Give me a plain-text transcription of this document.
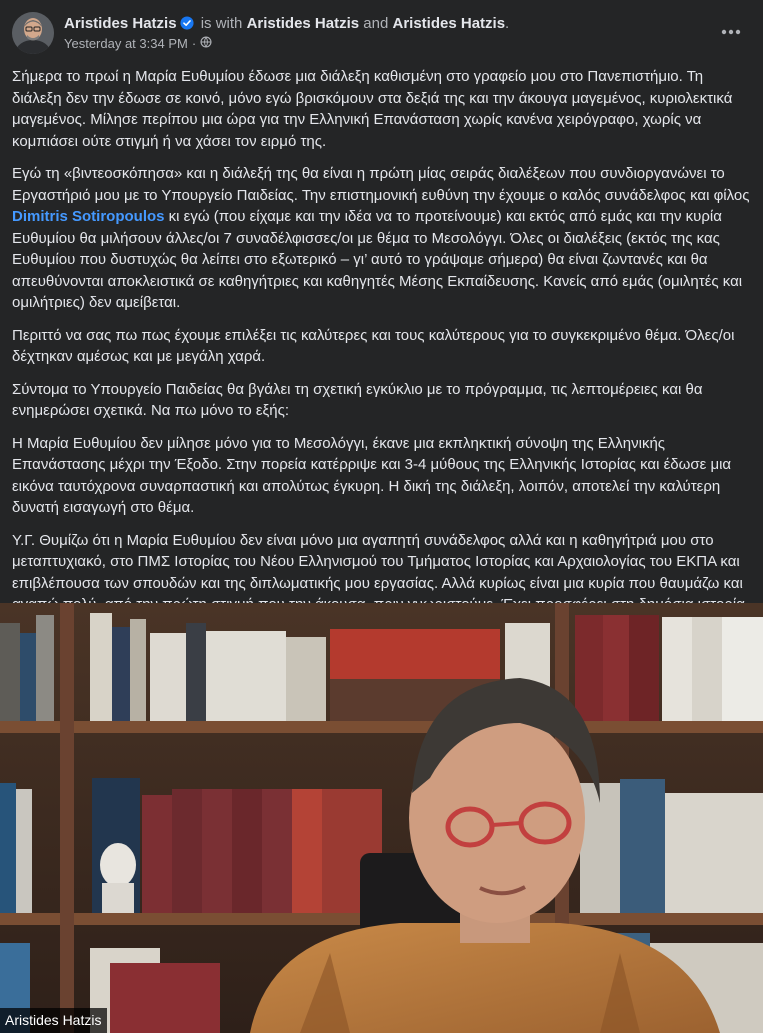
Aristides Hatzis is with Aristides Hatzis and Aristides Hatzis.
Yesterday at 3:34 PM ·

Σήμερα το πρωί η Μαρία Ευθυμίου έδωσε μια διάλεξη καθισμένη στο γραφείο μου στο Πανεπιστήμιο. Τη διάλεξη δεν την έδωσε σε κοινό, μόνο εγώ βρισκόμουν στα δεξιά της και την άκουγα μαγεμένος, κυριολεκτικά μαγεμένος. Μίλησε περίπου μια ώρα για την Ελληνική Επανάσταση χωρίς κανένα χειρόγραφο, χωρίς να κομπιάσει ούτε στιγμή ή να χάσει τον ειρμό της.

Εγώ τη «βιντεοσκόπησα» και η διάλεξή της θα είναι η πρώτη μίας σειράς διαλέξεων που συνδιοργανώνει το Εργαστήριό μου με το Υπουργείο Παιδείας. Την επιστημονική ευθύνη την έχουμε ο καλός συνάδελφος και φίλος Dimitris Sotiropoulos κι εγώ (που είχαμε και την ιδέα να το προτείνουμε) και εκτός από εμάς και την κυρία Ευθυμίου θα μιλήσουν άλλες/οι 7 συναδέλφισσες/οι με θέμα το Μεσολόγγι. Όλες οι διαλέξεις (εκτός της κας Ευθυμίου που δυστυχώς θα λείπει στο εξωτερικό – γι’ αυτό το γράψαμε σήμερα) θα είναι ζωντανές και θα απευθύνονται αποκλειστικά σε καθηγήτριες και καθηγητές Μέσης Εκπαίδευσης. Κανείς από εμάς (ομιλητές και ομιλήτριες) δεν αμείβεται.

Περιττό να σας πω πως έχουμε επιλέξει τις καλύτερες και τους καλύτερους για το συγκεκριμένο θέμα. Όλες/οι δέχτηκαν αμέσως και με μεγάλη χαρά.

Σύντομα το Υπουργείο Παιδείας θα βγάλει τη σχετική εγκύκλιο με το πρόγραμμα, τις λεπτομέρειες και θα ενημερώσει σχετικά. Να πω μόνο το εξής:

Η Μαρία Ευθυμίου δεν μίλησε μόνο για το Μεσολόγγι, έκανε μια εκπληκτική σύνοψη της Ελληνικής Επανάστασης μέχρι την Έξοδο. Στην πορεία κατέρριψε και 3-4 μύθους της Ελληνικής Ιστορίας και έδωσε μια εικόνα ταυτόχρονα συναρπαστική και απολύτως έγκυρη. Η δική της διάλεξη, λοιπόν, αποτελεί την καλύτερη δυνατή εισαγωγή στο θέμα.

Υ.Γ. Θυμίζω ότι η Μαρία Ευθυμίου δεν είναι μόνο μια αγαπητή συνάδελφος αλλά και η καθηγήτριά μου στο μεταπτυχιακό, στο ΠΜΣ Ιστορίας του Νέου Ελληνισμού του Τμήματος Ιστορίας και Αρχαιολογίας του ΕΚΠΑ και επιβλέπουσα των σπουδών και της διπλωματικής μου εργασίας. Αλλά κυρίως είναι μια κυρία που θαυμάζω και

Aristides Hatzis
